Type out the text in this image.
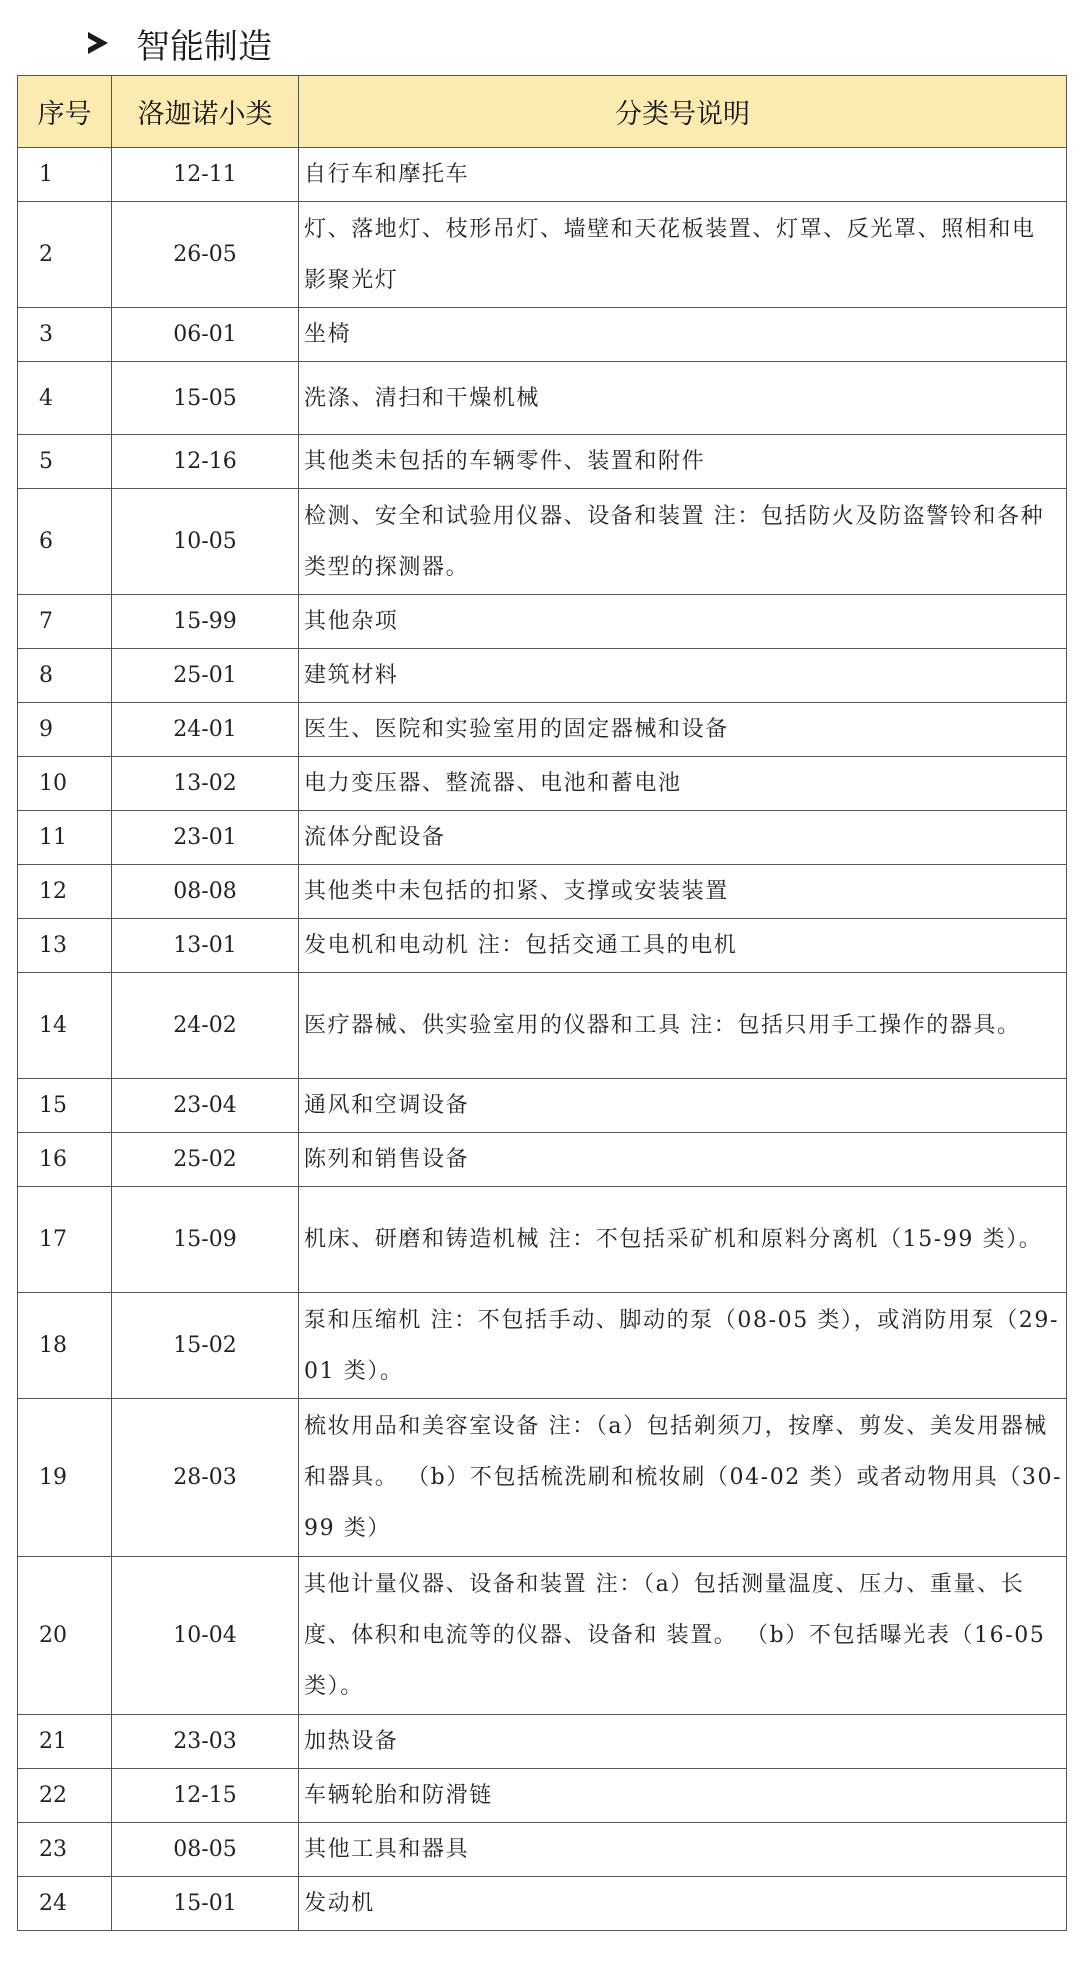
智能制造
序号	洛迦诺小类	分类号说明
1	12-11	自行车和摩托车
2	26-05	灯、落地灯、枝形吊灯、墙壁和天花板装置、灯罩、反光罩、照相和电 影聚光灯
3	06-01	坐椅
4	15-05	洗涤、清扫和干燥机械
5	12-16	其他类未包括的车辆零件、装置和附件
6	10-05	检测、安全和试验用仪器、设备和装置 注：包括防火及防盗警铃和各种类型的探测器。
7	15-99	其他杂项
8	25-01	建筑材料
9	24-01	医生、医院和实验室用的固定器械和设备
10	13-02	电力变压器、整流器、电池和蓄电池
11	23-01	流体分配设备
12	08-08	其他类中未包括的扣紧、支撑或安装装置
13	13-01	发电机和电动机 注：包括交通工具的电机
14	24-02	医疗器械、供实验室用的仪器和工具 注：包括只用手工操作的器具。
15	23-04	通风和空调设备
16	25-02	陈列和销售设备
17	15-09	机床、研磨和铸造机械 注：不包括采矿机和原料分离机（15-99 类）。
18	15-02	泵和压缩机 注：不包括手动、脚动的泵（08-05 类），或消防用泵（29-01 类）。
19	28-03	梳妆用品和美容室设备 注：（a）包括剃须刀，按摩、剪发、美发用器械和器具。 （b）不包括梳洗刷和梳妆刷（04-02 类）或者动物用具（30-99 类）
20	10-04	其他计量仪器、设备和装置 注：（a）包括测量温度、压力、重量、长度、体积和电流等的仪器、设备和 装置。 （b）不包括曝光表（16-05 类）。
21	23-03	加热设备
22	12-15	车辆轮胎和防滑链
23	08-05	其他工具和器具
24	15-01	发动机
